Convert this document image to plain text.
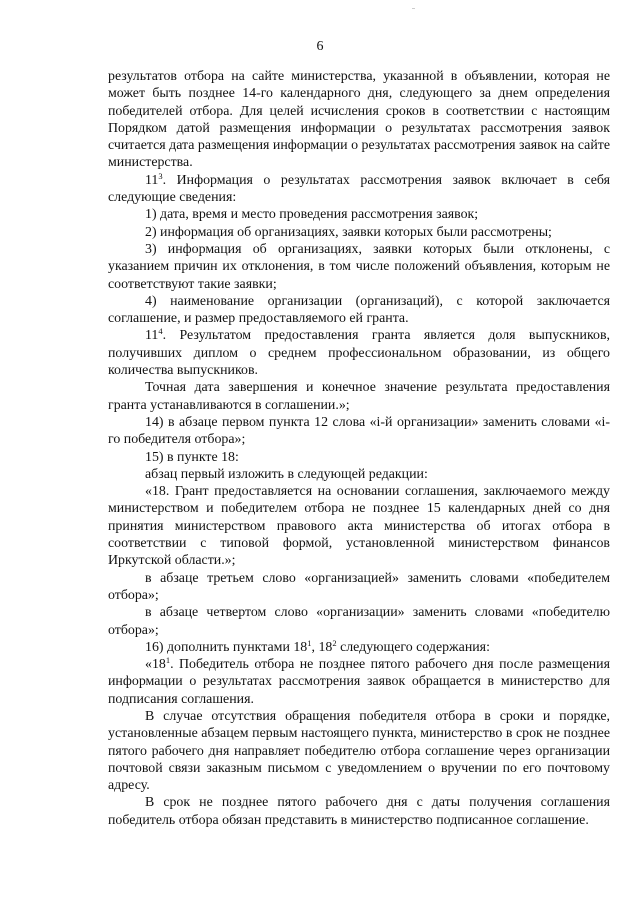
6

результатов отбора на сайте министерства, указанной в объявлении, которая не может быть позднее 14-го календарного дня, следующего за днем определения победителей отбора. Для целей исчисления сроков в соответствии с настоящим Порядком датой размещения информации о результатах рассмотрения заявок считается дата размещения информации о результатах рассмотрения заявок на сайте министерства.

$11^3$. Информация о результатах рассмотрения заявок включает в себя следующие сведения:

1) дата, время и место проведения рассмотрения заявок;

2) информация об организациях, заявки которых были рассмотрены;

3) информация об организациях, заявки которых были отклонены, с указанием причин их отклонения, в том числе положений объявления, которым не соответствуют такие заявки;

4) наименование организации (организаций), с которой заключается соглашение, и размер предоставляемого ей гранта.

$11^4$. Результатом предоставления гранта является доля выпускников, получивших диплом о среднем профессиональном образовании, из общего количества выпускников.

Точная дата завершения и конечное значение результата предоставления гранта устанавливаются в соглашении.»;

14) в абзаце первом пункта 12 слова «i-й организации» заменить словами «i-го победителя отбора»;

15) в пункте 18:

абзац первый изложить в следующей редакции:

«18. Грант предоставляется на основании соглашения, заключаемого между министерством и победителем отбора не позднее 15 календарных дней со дня принятия министерством правового акта министерства об итогах отбора в соответствии с типовой формой, установленной министерством финансов Иркутской области.»;

в абзаце третьем слово «организацией» заменить словами «победителем отбора»;

в абзаце четвертом слово «организации» заменить словами «победителю отбора»;

16) дополнить пунктами $18^1$, $18^2$ следующего содержания:

«$18^1$. Победитель отбора не позднее пятого рабочего дня после размещения информации о результатах рассмотрения заявок обращается в министерство для подписания соглашения.

В случае отсутствия обращения победителя отбора в сроки и порядке, установленные абзацем первым настоящего пункта, министерство в срок не позднее пятого рабочего дня направляет победителю отбора соглашение через организации почтовой связи заказным письмом с уведомлением о вручении по его почтовому адресу.

В срок не позднее пятого рабочего дня с даты получения соглашения победитель отбора обязан представить в министерство подписанное соглашение.
